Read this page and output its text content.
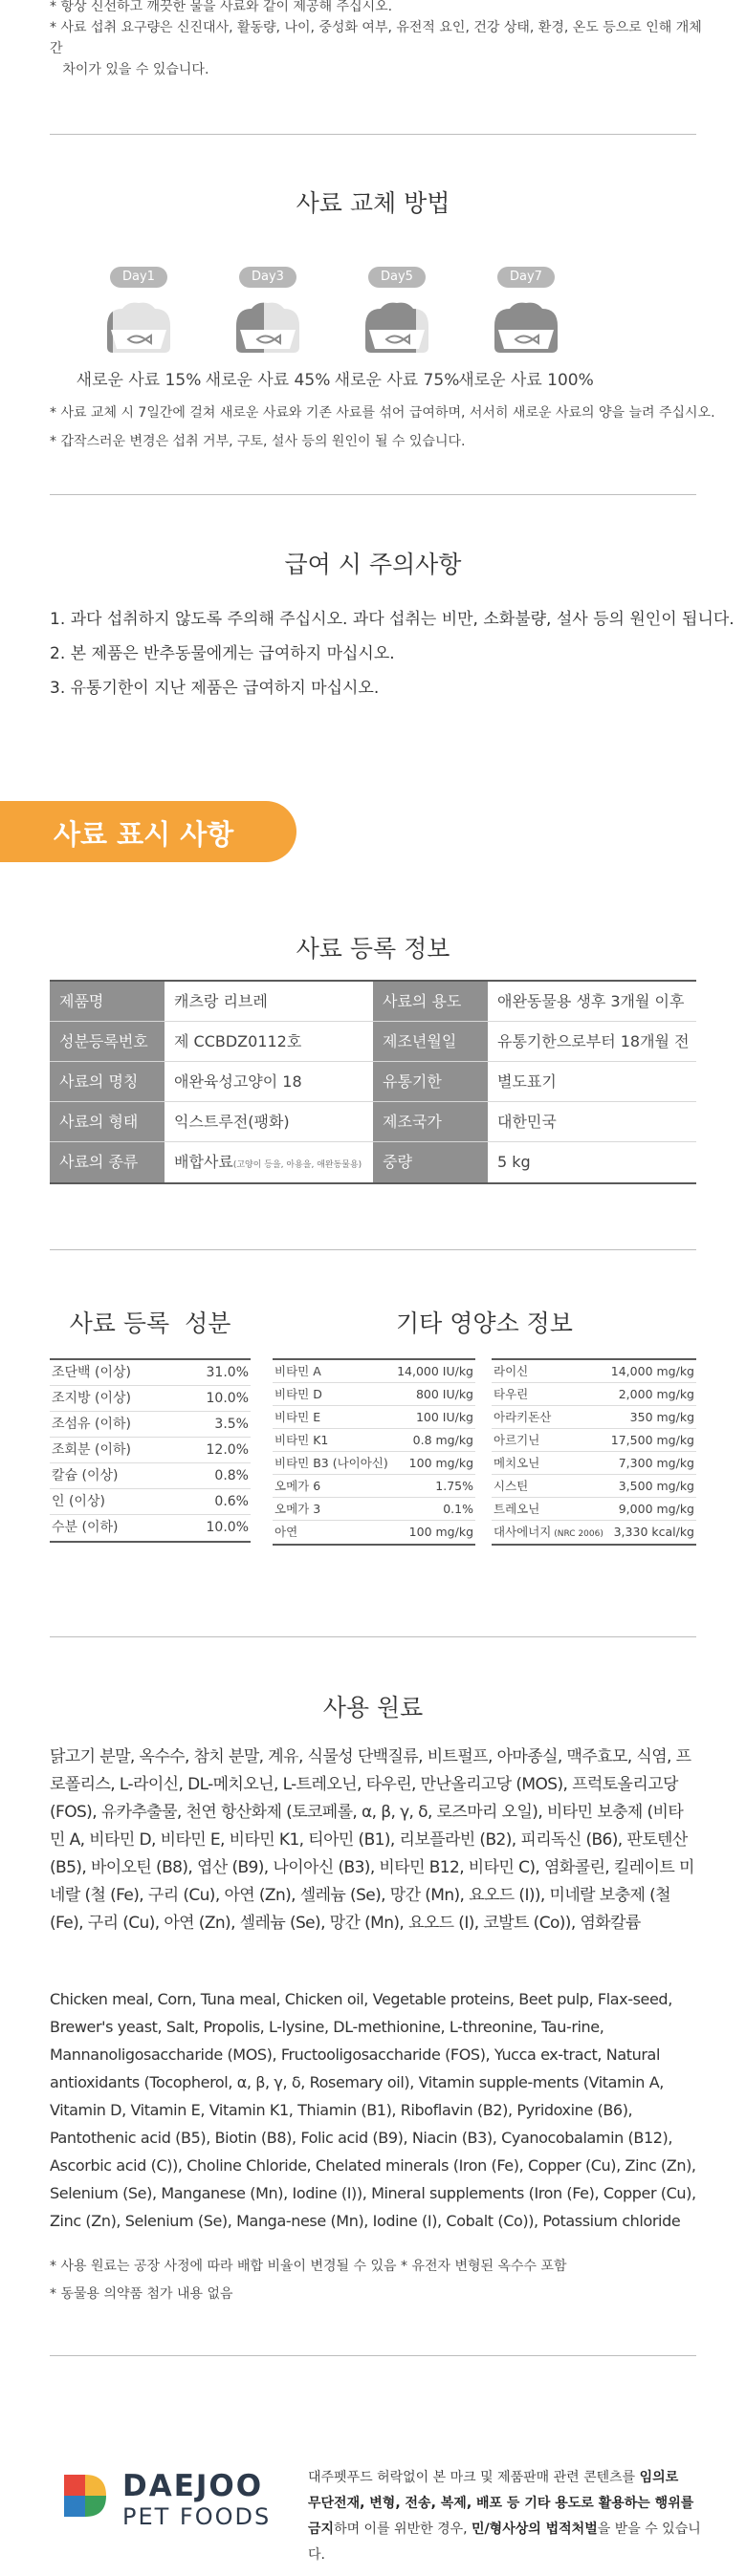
* 항상 신선하고 깨끗한 물을 사료와 같이 제공해 주십시오.
* 사료 섭취 요구량은 신진대사, 활동량, 나이, 중성화 여부, 유전적 요인, 건강 상태, 환경, 온도 등으로 인해 개체간
차이가 있을 수 있습니다.
사료 교체 방법
Day1
새로운 사료 15%
Day3
새로운 사료 45%
Day5
새로운 사료 75%
Day7
새로운 사료 100%
* 사료 교체 시 7일간에 걸쳐 새로운 사료와 기존 사료를 섞어 급여하며, 서서히 새로운 사료의 양을 늘려 주십시오.
* 갑작스러운 변경은 섭취 거부, 구토, 설사 등의 원인이 될 수 있습니다.
급여 시 주의사항
1. 과다 섭취하지 않도록 주의해 주십시오. 과다 섭취는 비만, 소화불량, 설사 등의 원인이 됩니다.
2. 본 제품은 반추동물에게는 급여하지 마십시오.
3. 유통기한이 지난 제품은 급여하지 마십시오.
사료 표시 사항
사료 등록 정보
제품명	캐츠랑 리브레	사료의 용도	애완동물용 생후 3개월 이후
성분등록번호	제 CCBDZ0112호	제조년월일	유통기한으로부터 18개월 전
사료의 명칭	애완육성고양이 18	유통기한	별도표기
사료의 형태	익스트루전(팽화)	제조국가	대한민국
사료의 종류	배합사료(고양이 등을, 아용을, 애완동물용)	중량	5 kg
사료 등록  성분	기타 영양소 정보
조단백 (이상)	31.0%
조지방 (이상)	10.0%
조섬유 (이하)	3.5%
조회분 (이하)	12.0%
칼슘 (이상)	0.8%
인 (이상)	0.6%
수분 (이하)	10.0%
비타민 A	14,000 IU/kg
비타민 D	800 IU/kg
비타민 E	100 IU/kg
비타민 K1	0.8 mg/kg
비타민 B3 (나이아신)	100 mg/kg
오메가 6	1.75%
오메가 3	0.1%
아연	100 mg/kg
라이신	14,000 mg/kg
타우린	2,000 mg/kg
아라키돈산	350 mg/kg
아르기닌	17,500 mg/kg
메치오닌	7,300 mg/kg
시스틴	3,500 mg/kg
트레오닌	9,000 mg/kg
대사에너지 (NRC 2006) 3,330 kcal/kg
사용 원료
닭고기 분말, 옥수수, 참치 분말, 계유, 식물성 단백질류, 비트펄프, 아마종실, 맥주효모, 식염, 프로폴리스, L-라이신, DL-메치오닌, L-트레오닌, 타우린, 만난올리고당 (MOS), 프럭토올리고당 (FOS), 유카추출물, 천연 항산화제 (토코페롤, α, β, γ, δ, 로즈마리 오일), 비타민 보충제 (비타민 A, 비타민 D, 비타민 E, 비타민 K1, 티아민 (B1), 리보플라빈 (B2), 피리독신 (B6), 판토텐산 (B5), 바이오틴 (B8), 엽산 (B9), 나이아신 (B3), 비타민 B12, 비타민 C), 염화콜린, 킬레이트 미네랄 (철 (Fe), 구리 (Cu), 아연 (Zn), 셀레늄 (Se), 망간 (Mn), 요오드 (I)), 미네랄 보충제 (철 (Fe), 구리 (Cu), 아연 (Zn), 셀레늄 (Se), 망간 (Mn), 요오드 (I), 코발트 (Co)), 염화칼륨
Chicken meal, Corn, Tuna meal, Chicken oil, Vegetable proteins, Beet pulp, Flax-seed, Brewer's yeast, Salt, Propolis, L-lysine, DL-methionine, L-threonine, Tau-rine, Mannanoligosaccharide (MOS), Fructooligosaccharide (FOS), Yucca ex-tract, Natural antioxidants (Tocopherol, α, β, γ, δ, Rosemary oil), Vitamin supple-ments (Vitamin A, Vitamin D, Vitamin E, Vitamin K1, Thiamin (B1), Riboflavin (B2), Pyridoxine (B6), Pantothenic acid (B5), Biotin (B8), Folic acid (B9), Niacin (B3), Cyanocobalamin (B12), Ascorbic acid (C)), Choline Chloride, Chelated minerals (Iron (Fe), Copper (Cu), Zinc (Zn), Selenium (Se), Manganese (Mn), Iodine (I)), Mineral supplements (Iron (Fe), Copper (Cu), Zinc (Zn), Selenium (Se), Manga-nese (Mn), Iodine (I), Cobalt (Co)), Potassium chloride
* 사용 원료는 공장 사정에 따라 배합 비율이 변경될 수 있음 * 유전자 변형된 옥수수 포함
* 동물용 의약품 첨가 내용 없음
DAEJOO
PET FOODS
대주펫푸드 허락없이 본 마크 및 제품판매 관련 콘텐츠를 임의로
무단전재, 변형, 전송, 복제, 배포 등 기타 용도로 활용하는 행위를
금지하며 이를 위반한 경우, 민/형사상의 법적처벌을 받을 수 있습니다.
